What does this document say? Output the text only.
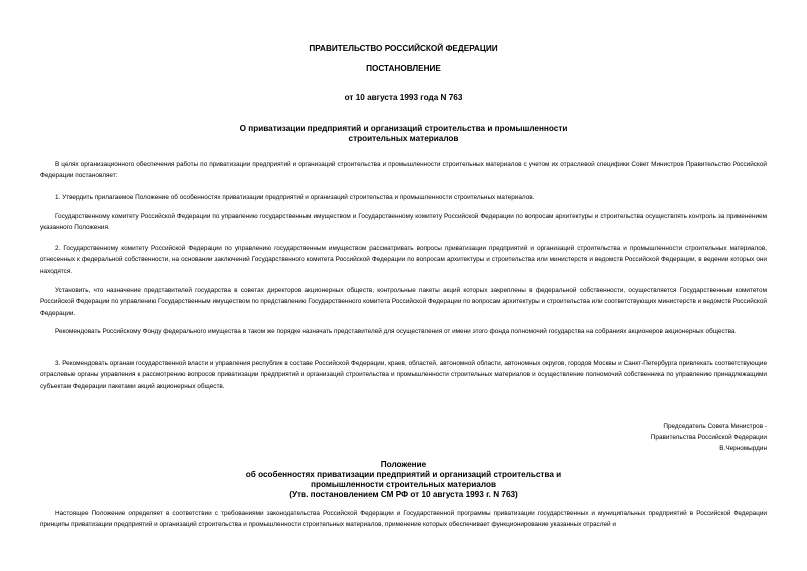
ПРАВИТЕЛЬСТВО РОССИЙСКОЙ ФЕДЕРАЦИИ
ПОСТАНОВЛЕНИЕ
от 10 августа 1993 года N 763
О приватизации предприятий и организаций строительства и промышленности
строительных материалов

В целях организационного обеспечения работы по приватизации предприятий и организаций строительства и промышленности строительных материалов с учетом их отраслевой специфики Совет Министров Правительство Российской Федерации постановляет:

1. Утвердить прилагаемое Положение об особенностях приватизации предприятий и организаций строительства и промышленности строительных материалов.

Государственному комитету Российской Федерации по управлению государственным имуществом и Государственному комитету Российской Федерации по вопросам архитектуры и строительства осуществлять контроль за применением указанного Положения.

2. Государственному комитету Российской Федерации по управлению государственным имуществом рассматривать вопросы приватизации предприятий и организаций строительства и промышленности строительных материалов, отнесенных к федеральной собственности, на основании заключений Государственного комитета Российской Федерации по вопросам архитектуры и строительства или министерств и ведомств Российской Федерации, в ведении которых они находятся.

Установить, что назначение представителей государства в советах директоров акционерных обществ, контрольные пакеты акций которых закреплены в федеральной собственности, осуществляется Государственным комитетом Российской Федерации по управлению Государственным имуществом по представлению Государственного комитета Российской Федерации по вопросам архитектуры и строительства или соответствующих министерств и ведомств Российской Федерации.

Рекомендовать Российскому Фонду федерального имущества в таком же порядке назначать представителей для осуществления от имени этого фонда полномочий государства на собраниях акционеров акционерных общества.

3. Рекомендовать органам государственной власти и управления республик в составе Российской Федерации, краев, областей, автономной области, автономных округов, городов Москвы и Санкт-Петербурга привлекать соответствующие отраслевые органы управления к рассмотрению вопросов приватизации предприятий и организаций строительства и промышленности строительных материалов и осуществление полномочий собственника по управлению принадлежащими субъектам Федерации пакетами акций акционерных обществ.

Председатель Совета Министров -
Правительства Российской Федерации
В.Черномырдин
Положение
об особенностях приватизации предприятий и организаций строительства и
промышленности строительных материалов
(Утв. постановлением СМ РФ от 10 августа 1993 г. N 763)

Настоящее Положение определяет в соответствии с требованиями законодательства Российской Федерации и Государственной программы приватизации государственных и муниципальных предприятий в Российской Федерации принципы приватизации предприятий и организаций строительства и промышленности строительных материалов, применение которых обеспечивает функционирование указанных отраслей и
